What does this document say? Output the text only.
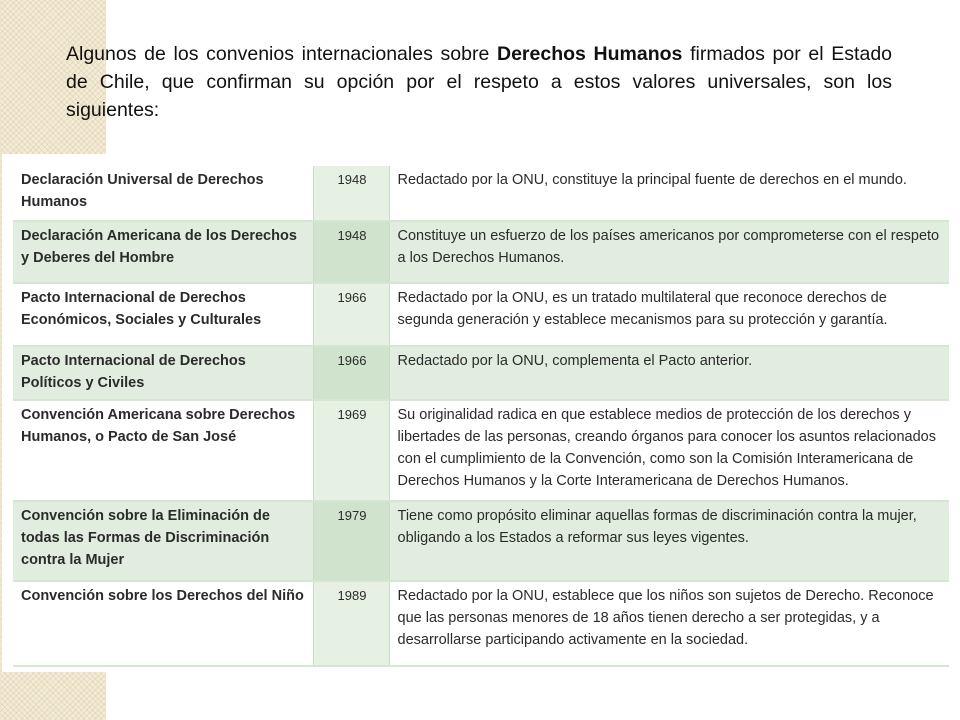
Algunos de los convenios internacionales sobre Derechos Humanos firmados por el Estado de Chile, que confirman su opción por el respeto a estos valores universales, son los siguientes:

Declaración Universal de Derechos Humanos	1948	Redactado por la ONU, constituye la principal fuente de derechos en el mundo.
Declaración Americana de los Derechos y Deberes del Hombre	1948	Constituye un esfuerzo de los países americanos por comprometerse con el respeto a los Derechos Humanos.
Pacto Internacional de Derechos Económicos, Sociales y Culturales	1966	Redactado por la ONU, es un tratado multilateral que reconoce derechos de segunda generación y establece mecanismos para su protección y garantía.
Pacto Internacional de Derechos Políticos y Civiles	1966	Redactado por la ONU, complementa el Pacto anterior.
Convención Americana sobre Derechos Humanos, o Pacto de San José	1969	Su originalidad radica en que establece medios de protección de los derechos y libertades de las personas, creando órganos para conocer los asuntos relacionados con el cumplimiento de la Convención, como son la Comisión Interamericana de Derechos Humanos y la Corte Interamericana de Derechos Humanos.
Convención sobre la Eliminación de todas las Formas de Discriminación contra la Mujer	1979	Tiene como propósito eliminar aquellas formas de discriminación contra la mujer, obligando a los Estados a reformar sus leyes vigentes.
Convención sobre los Derechos del Niño	1989	Redactado por la ONU, establece que los niños son sujetos de Derecho. Reconoce que las personas menores de 18 años tienen derecho a ser protegidas, y a desarrollarse participando activamente en la sociedad.
